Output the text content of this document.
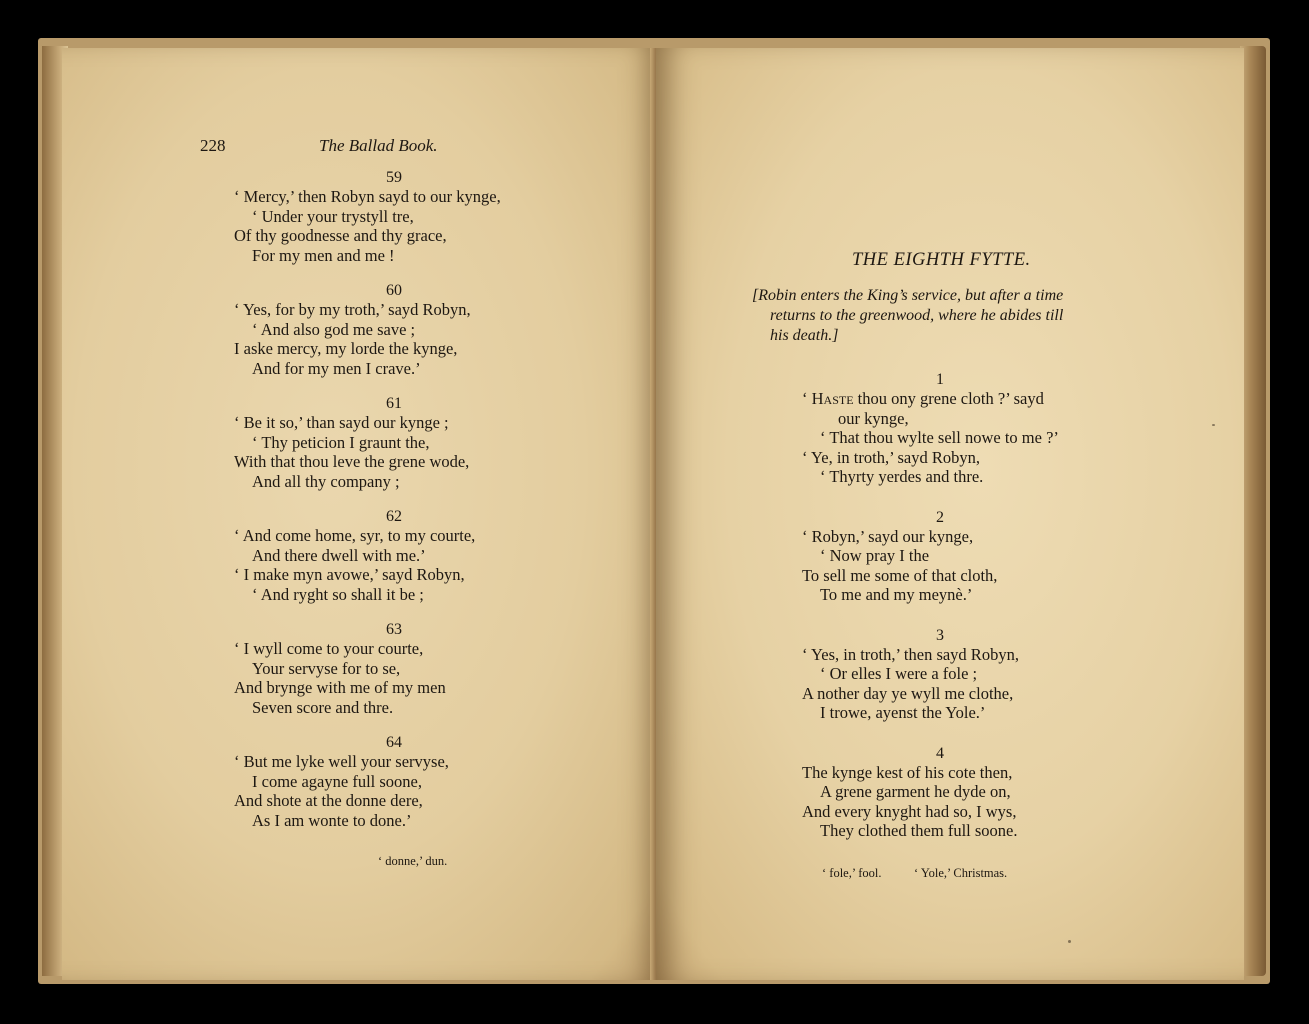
228	The Ballad Book.
59
‘ Mercy,’ then Robyn sayd to our kynge,
‘ Under your trystyll tre,
Of thy goodnesse and thy grace,
For my men and me !
60
‘ Yes, for by my troth,’ sayd Robyn,
‘ And also god me save ;
I aske mercy, my lorde the kynge,
And for my men I crave.’
61
‘ Be it so,’ than sayd our kynge ;
‘ Thy peticion I graunt the,
With that thou leve the grene wode,
And all thy company ;
62
‘ And come home, syr, to my courte,
And there dwell with me.’
‘ I make myn avowe,’ sayd Robyn,
‘ And ryght so shall it be ;
63
‘ I wyll come to your courte,
Your servyse for to se,
And brynge with me of my men
Seven score and thre.
64
‘ But me lyke well your servyse,
I come agayne full soone,
And shote at the donne dere,
As I am wonte to done.’
‘ donne,’ dun.

THE EIGHTH FYTTE.
[Robin enters the King’s service, but after a time
returns to the greenwood, where he abides till
his death.]
1
‘ Haste thou ony grene cloth ?’ sayd
our kynge,
‘ That thou wylte sell nowe to me ?’
‘ Ye, in troth,’ sayd Robyn,
‘ Thyrty yerdes and thre.
2
‘ Robyn,’ sayd our kynge,
‘ Now pray I the
To sell me some of that cloth,
To me and my meynè.’
3
‘ Yes, in troth,’ then sayd Robyn,
‘ Or elles I were a fole ;
A nother day ye wyll me clothe,
I trowe, ayenst the Yole.’
4
The kynge kest of his cote then,
A grene garment he dyde on,
And every knyght had so, I wys,
They clothed them full soone.
‘ fole,’ fool.	‘ Yole,’ Christmas.
